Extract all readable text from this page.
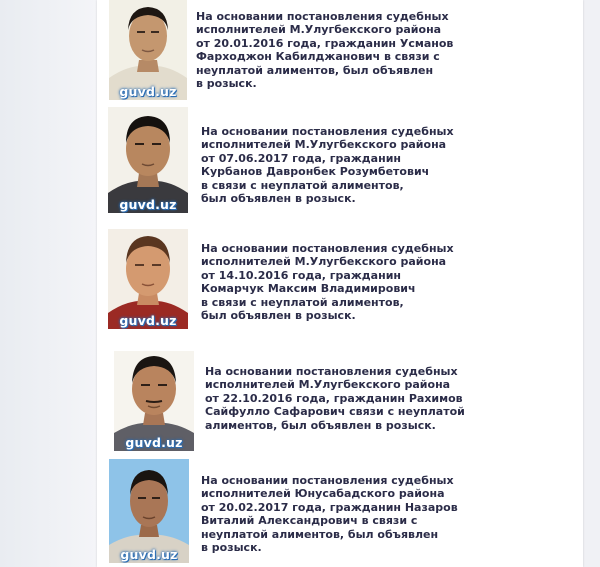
guvd.uz

На основании постановления судебных
исполнителей М.Улугбекского района
от 20.01.2016 года, гражданин Усманов
Фарходжон Кабилджанович в связи с
неуплатой алиментов, был объявлен
в розыск.

guvd.uz

На основании постановления судебных
исполнителей М.Улугбекского района
от 07.06.2017 года, гражданин
Курбанов Давронбек Розумбетович
в связи с неуплатой алиментов,
был объявлен в розыск.

guvd.uz

На основании постановления судебных
исполнителей М.Улугбекского района
от 14.10.2016 года, гражданин
Комарчук Максим Владимирович
в связи с неуплатой алиментов,
был объявлен в розыск.

guvd.uz

На основании постановления судебных
исполнителей М.Улугбекского района
от 22.10.2016 года, гражданин Рахимов
Сайфулло Сафарович связи с неуплатой
алиментов, был объявлен в розыск.

guvd.uz

На основании постановления судебных
исполнителей Юнусабадского района
от 20.02.2017 года, гражданин Назаров
Виталий Александрович в связи с
неуплатой алиментов, был объявлен
в розыск.
